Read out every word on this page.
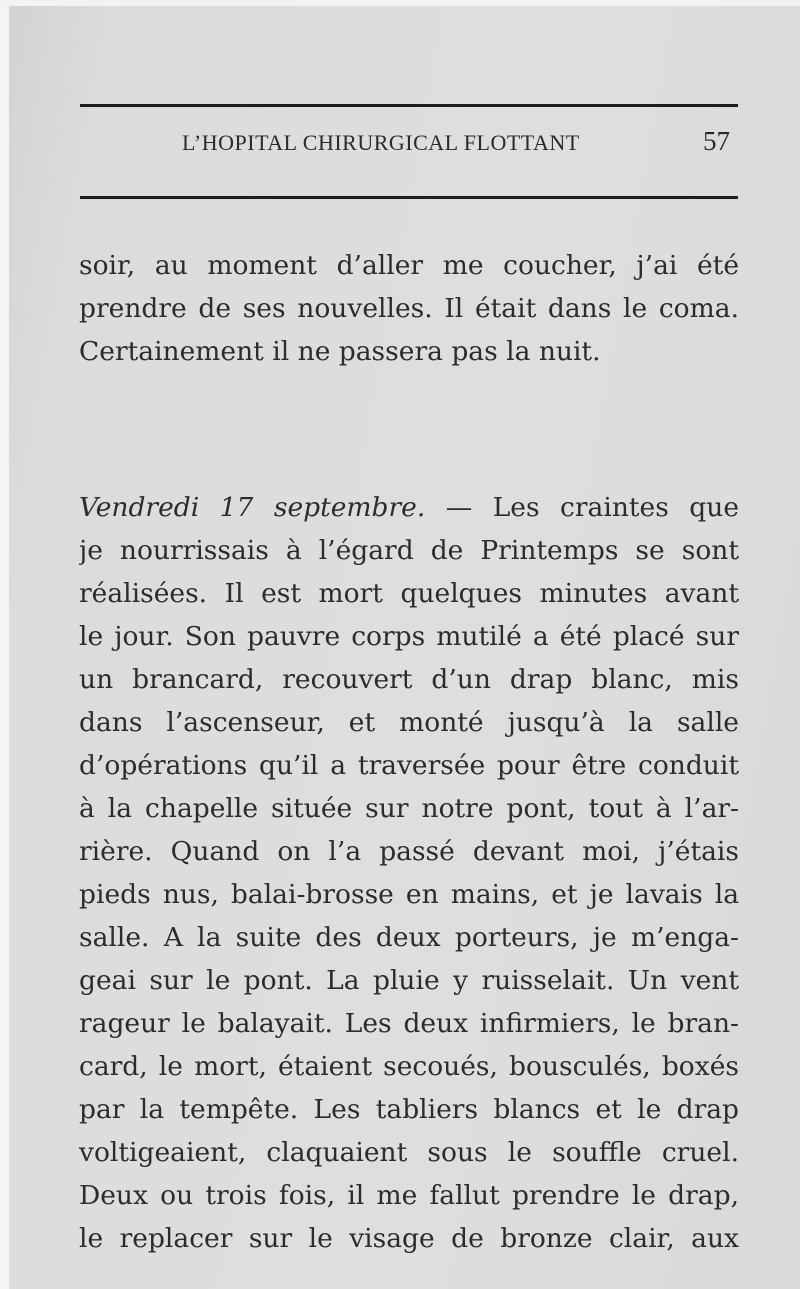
L’HOPITAL CHIRURGICAL FLOTTANT	57
soir, au moment d’aller me coucher, j’ai été
prendre de ses nouvelles. Il était dans le coma.
Certainement il ne passera pas la nuit.
Vendredi 17 septembre. — Les craintes que
je nourrissais à l’égard de Printemps se sont
réalisées. Il est mort quelques minutes avant
le jour. Son pauvre corps mutilé a été placé sur
un brancard, recouvert d’un drap blanc, mis
dans l’ascenseur, et monté jusqu’à la salle
d’opérations qu’il a traversée pour être conduit
à la chapelle située sur notre pont, tout à l’ar-
rière. Quand on l’a passé devant moi, j’étais
pieds nus, balai-brosse en mains, et je lavais la
salle. A la suite des deux porteurs, je m’enga-
geai sur le pont. La pluie y ruisselait. Un vent
rageur le balayait. Les deux infirmiers, le bran-
card, le mort, étaient secoués, bousculés, boxés
par la tempête. Les tabliers blancs et le drap
voltigeaient, claquaient sous le souffle cruel.
Deux ou trois fois, il me fallut prendre le drap,
le replacer sur le visage de bronze clair, aux
